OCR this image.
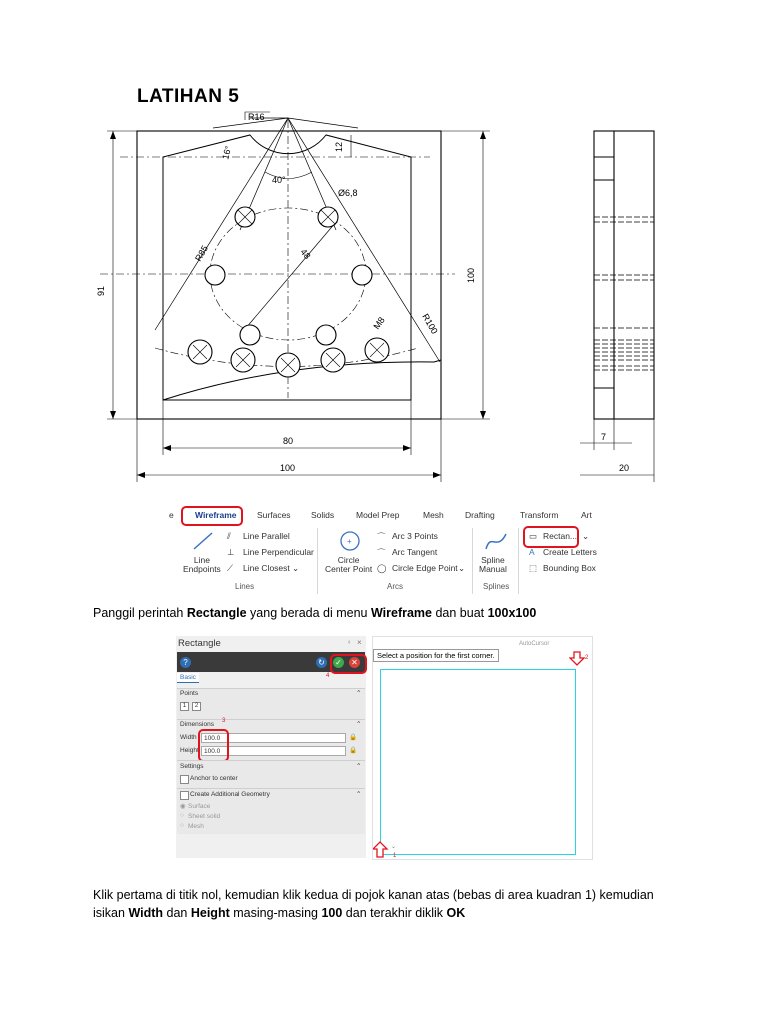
LATIHAN 5
R16
16°	12
40°
Ø6,8
R85	48
91
100
R100
M8
80
100
7
20
e	Wireframe Surfaces Solids	Model Prep	Mesh Drafting	Transform	Art
Line
Endpoints
⫽ Line Parallel
⊥ Line Perpendicular
⟋ Line Closest ⌄
Lines
+
Circle
Center Point
⌒ Arc 3 Points
⌒ Arc Tangent
◯ Circle Edge Point ⌄
Arcs
Spline
Manual
Splines
▭ Rectan... ⌄
A Create Letters
⬚ Bounding Box
Panggil perintah Rectangle yang berada di menu Wireframe dan buat 100x100
Rectangle	‹ ×
?	↻ ✓ ✕
4
Basic
Points	⌃
1	2
Dimensions 3	⌃
Width	100.0
Height 100.0
🔒
🔒
Settings	⌃
Anchor to center
Create Additional Geometry	⌃
◉ Surface
○ Sheet solid
○ Mesh
Select a position for the first corner.
AutoCursor
2
1
⌄
Klik pertama di titik nol, kemudian klik kedua di pojok kanan atas (bebas di area kuadran 1) kemudian
isikan Width dan Height masing-masing 100 dan terakhir diklik OK
